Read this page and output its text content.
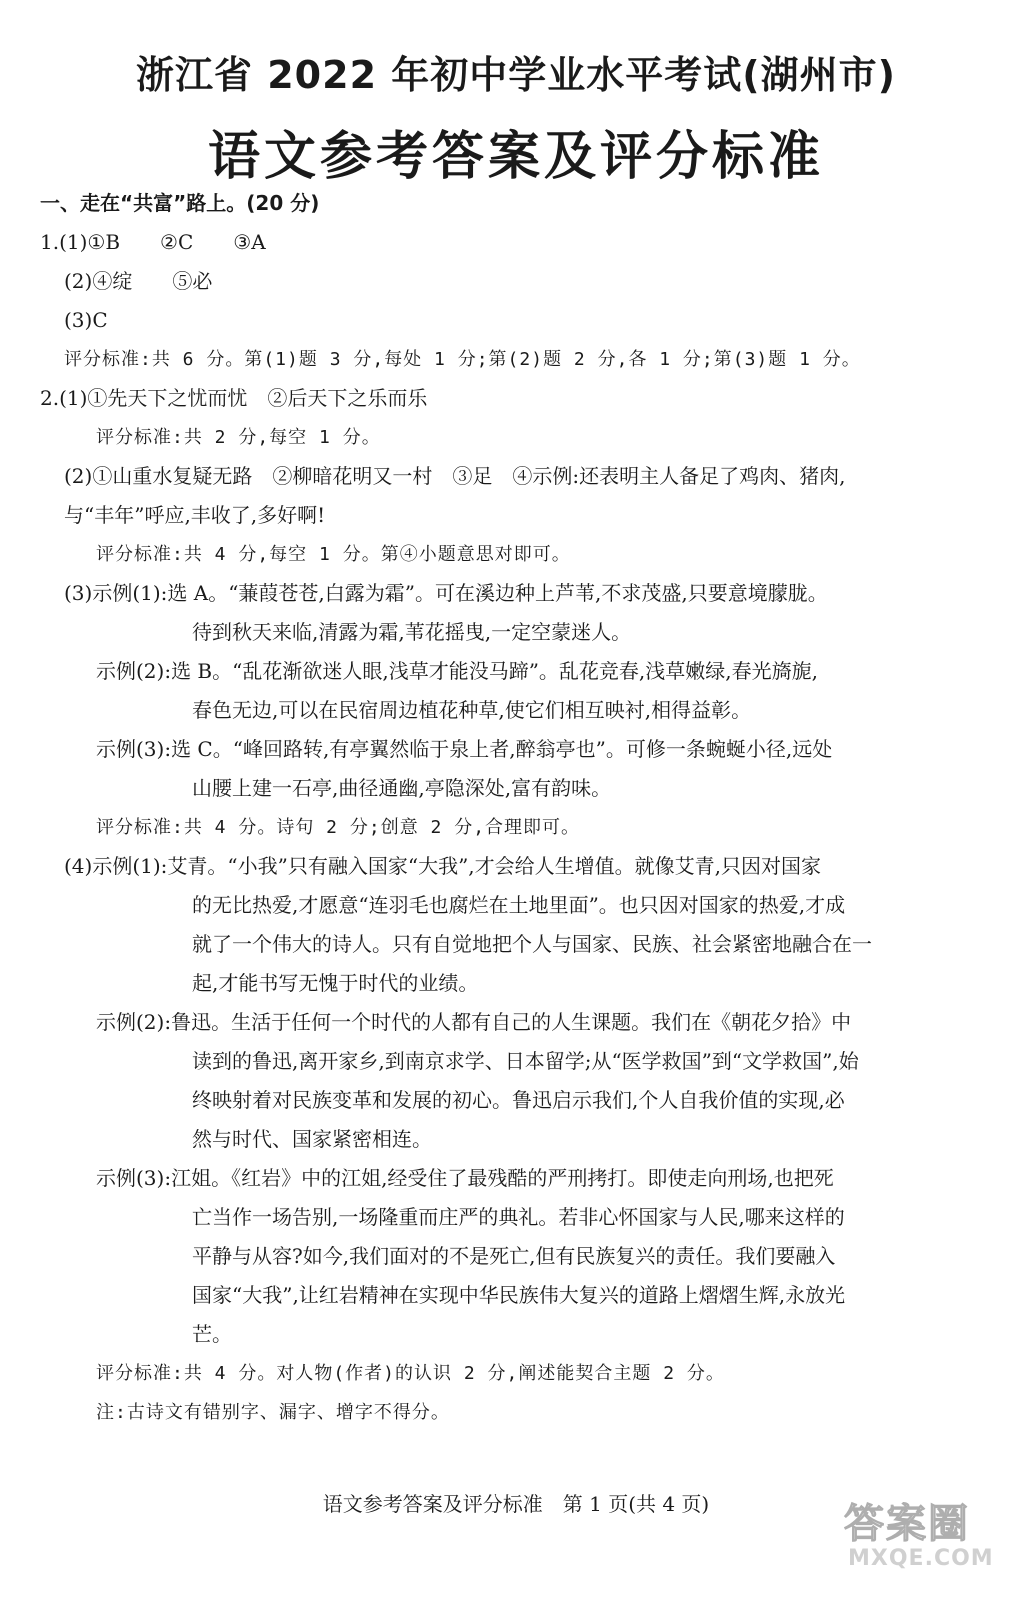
浙江省 2022 年初中学业水平考试(湖州市)
语文参考答案及评分标准
一、走在“共富”路上。(20 分)
1.(1)①B　　②C　　③A
(2)④绽　　⑤必
(3)C
评分标准:共 6 分。第(1)题 3 分,每处 1 分;第(2)题 2 分,各 1 分;第(3)题 1 分。
2.(1)①先天下之忧而忧　②后天下之乐而乐
评分标准:共 2 分,每空 1 分。
(2)①山重水复疑无路　②柳暗花明又一村　③足　④示例:还表明主人备足了鸡肉、猪肉,
与“丰年”呼应,丰收了,多好啊!
评分标准:共 4 分,每空 1 分。第④小题意思对即可。
(3)示例(1):选 A。“蒹葭苍苍,白露为霜”。可在溪边种上芦苇,不求茂盛,只要意境朦胧。
待到秋天来临,清露为霜,苇花摇曳,一定空蒙迷人。
示例(2):选 B。“乱花渐欲迷人眼,浅草才能没马蹄”。乱花竞春,浅草嫩绿,春光旖旎,
春色无边,可以在民宿周边植花种草,使它们相互映衬,相得益彰。
示例(3):选 C。“峰回路转,有亭翼然临于泉上者,醉翁亭也”。可修一条蜿蜒小径,远处
山腰上建一石亭,曲径通幽,亭隐深处,富有韵味。
评分标准:共 4 分。诗句 2 分;创意 2 分,合理即可。
(4)示例(1):艾青。“小我”只有融入国家“大我”,才会给人生增值。就像艾青,只因对国家
的无比热爱,才愿意“连羽毛也腐烂在土地里面”。也只因对国家的热爱,才成
就了一个伟大的诗人。只有自觉地把个人与国家、民族、社会紧密地融合在一
起,才能书写无愧于时代的业绩。
示例(2):鲁迅。生活于任何一个时代的人都有自己的人生课题。我们在《朝花夕拾》中
读到的鲁迅,离开家乡,到南京求学、日本留学;从“医学救国”到“文学救国”,始
终映射着对民族变革和发展的初心。鲁迅启示我们,个人自我价值的实现,必
然与时代、国家紧密相连。
示例(3):江姐。《红岩》中的江姐,经受住了最残酷的严刑拷打。即使走向刑场,也把死
亡当作一场告别,一场隆重而庄严的典礼。若非心怀国家与人民,哪来这样的
平静与从容?如今,我们面对的不是死亡,但有民族复兴的责任。我们要融入
国家“大我”,让红岩精神在实现中华民族伟大复兴的道路上熠熠生辉,永放光
芒。
评分标准:共 4 分。对人物(作者)的认识 2 分,阐述能契合主题 2 分。
注:古诗文有错别字、漏字、增字不得分。
语文参考答案及评分标准　第 1 页(共 4 页)	答案圈
MXQE.COM
